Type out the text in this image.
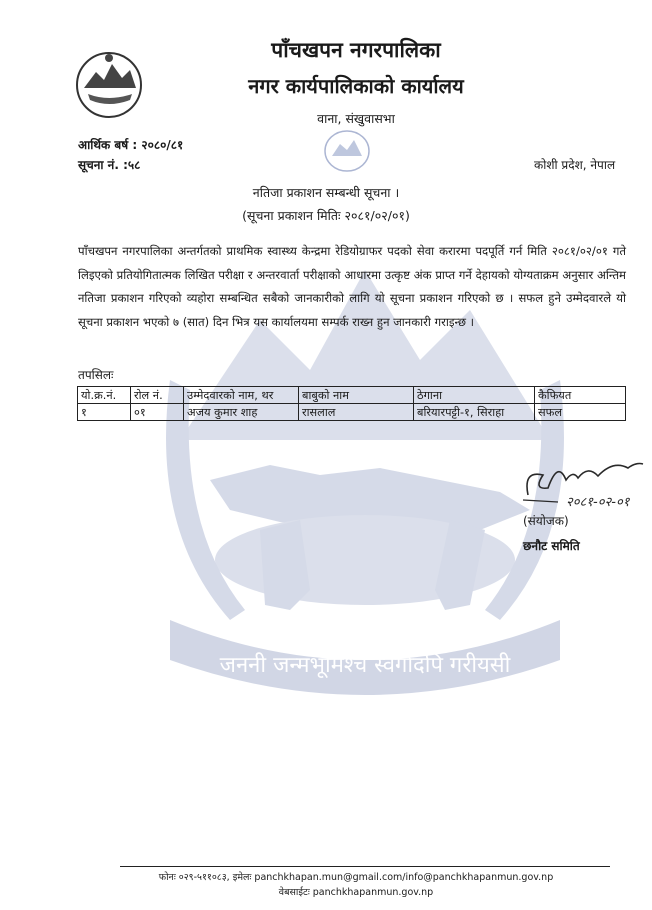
जननी जन्मभूमिश्च स्वर्गादपि गरीयसी
पाँचखपन नगरपालिका
नगर कार्यपालिकाको कार्यालय
वाना, संखुवासभा
आर्थिक बर्ष : २०८०/८१
सूचना नं. :५८	कोशी प्रदेश, नेपाल
नतिजा प्रकाशन सम्बन्धी सूचना ।
(सूचना प्रकाशन मितिः २०८१/०२/०१)
पाँचखपन नगरपालिका अन्तर्गतको प्राथमिक स्वास्थ्य केन्द्रमा रेडियोग्राफर पदको सेवा करारमा पदपूर्ति गर्न मिति २०८१/०२/०१ गते लिइएको प्रतियोगितात्मक लिखित परीक्षा र अन्तरवार्ता परीक्षाको आधारमा उत्कृष्ट अंक प्राप्त गर्ने देहायको योग्यताक्रम अनुसार अन्तिम नतिजा प्रकाशन गरिएको व्यहोरा सम्बन्धित सबैको जानकारीको लागि यो सूचना प्रकाशन गरिएको छ । सफल हुने उम्मेदवारले यो सूचना प्रकाशन भएको ७ (सात) दिन भित्र यस कार्यालयमा सम्पर्क राख्न हुन जानकारी गराइन्छ ।
तपसिलः
यो.क्र.नं.	रोल नं.	उम्मेदवारको नाम, थर	बाबुको नाम	ठेगाना	कैफियत
१	०१	अजय कुमार शाह	रासलाल	बरियारपट्टी-१, सिराहा	सफल
२०८१-०२-०१
(संयोजक)
छनौट समिति
फोनः ०२९-५११०८३, इमेलः panchkhapan.mun@gmail.com/info@panchkhapanmun.gov.np
वेबसाईटः panchkhapanmun.gov.np
